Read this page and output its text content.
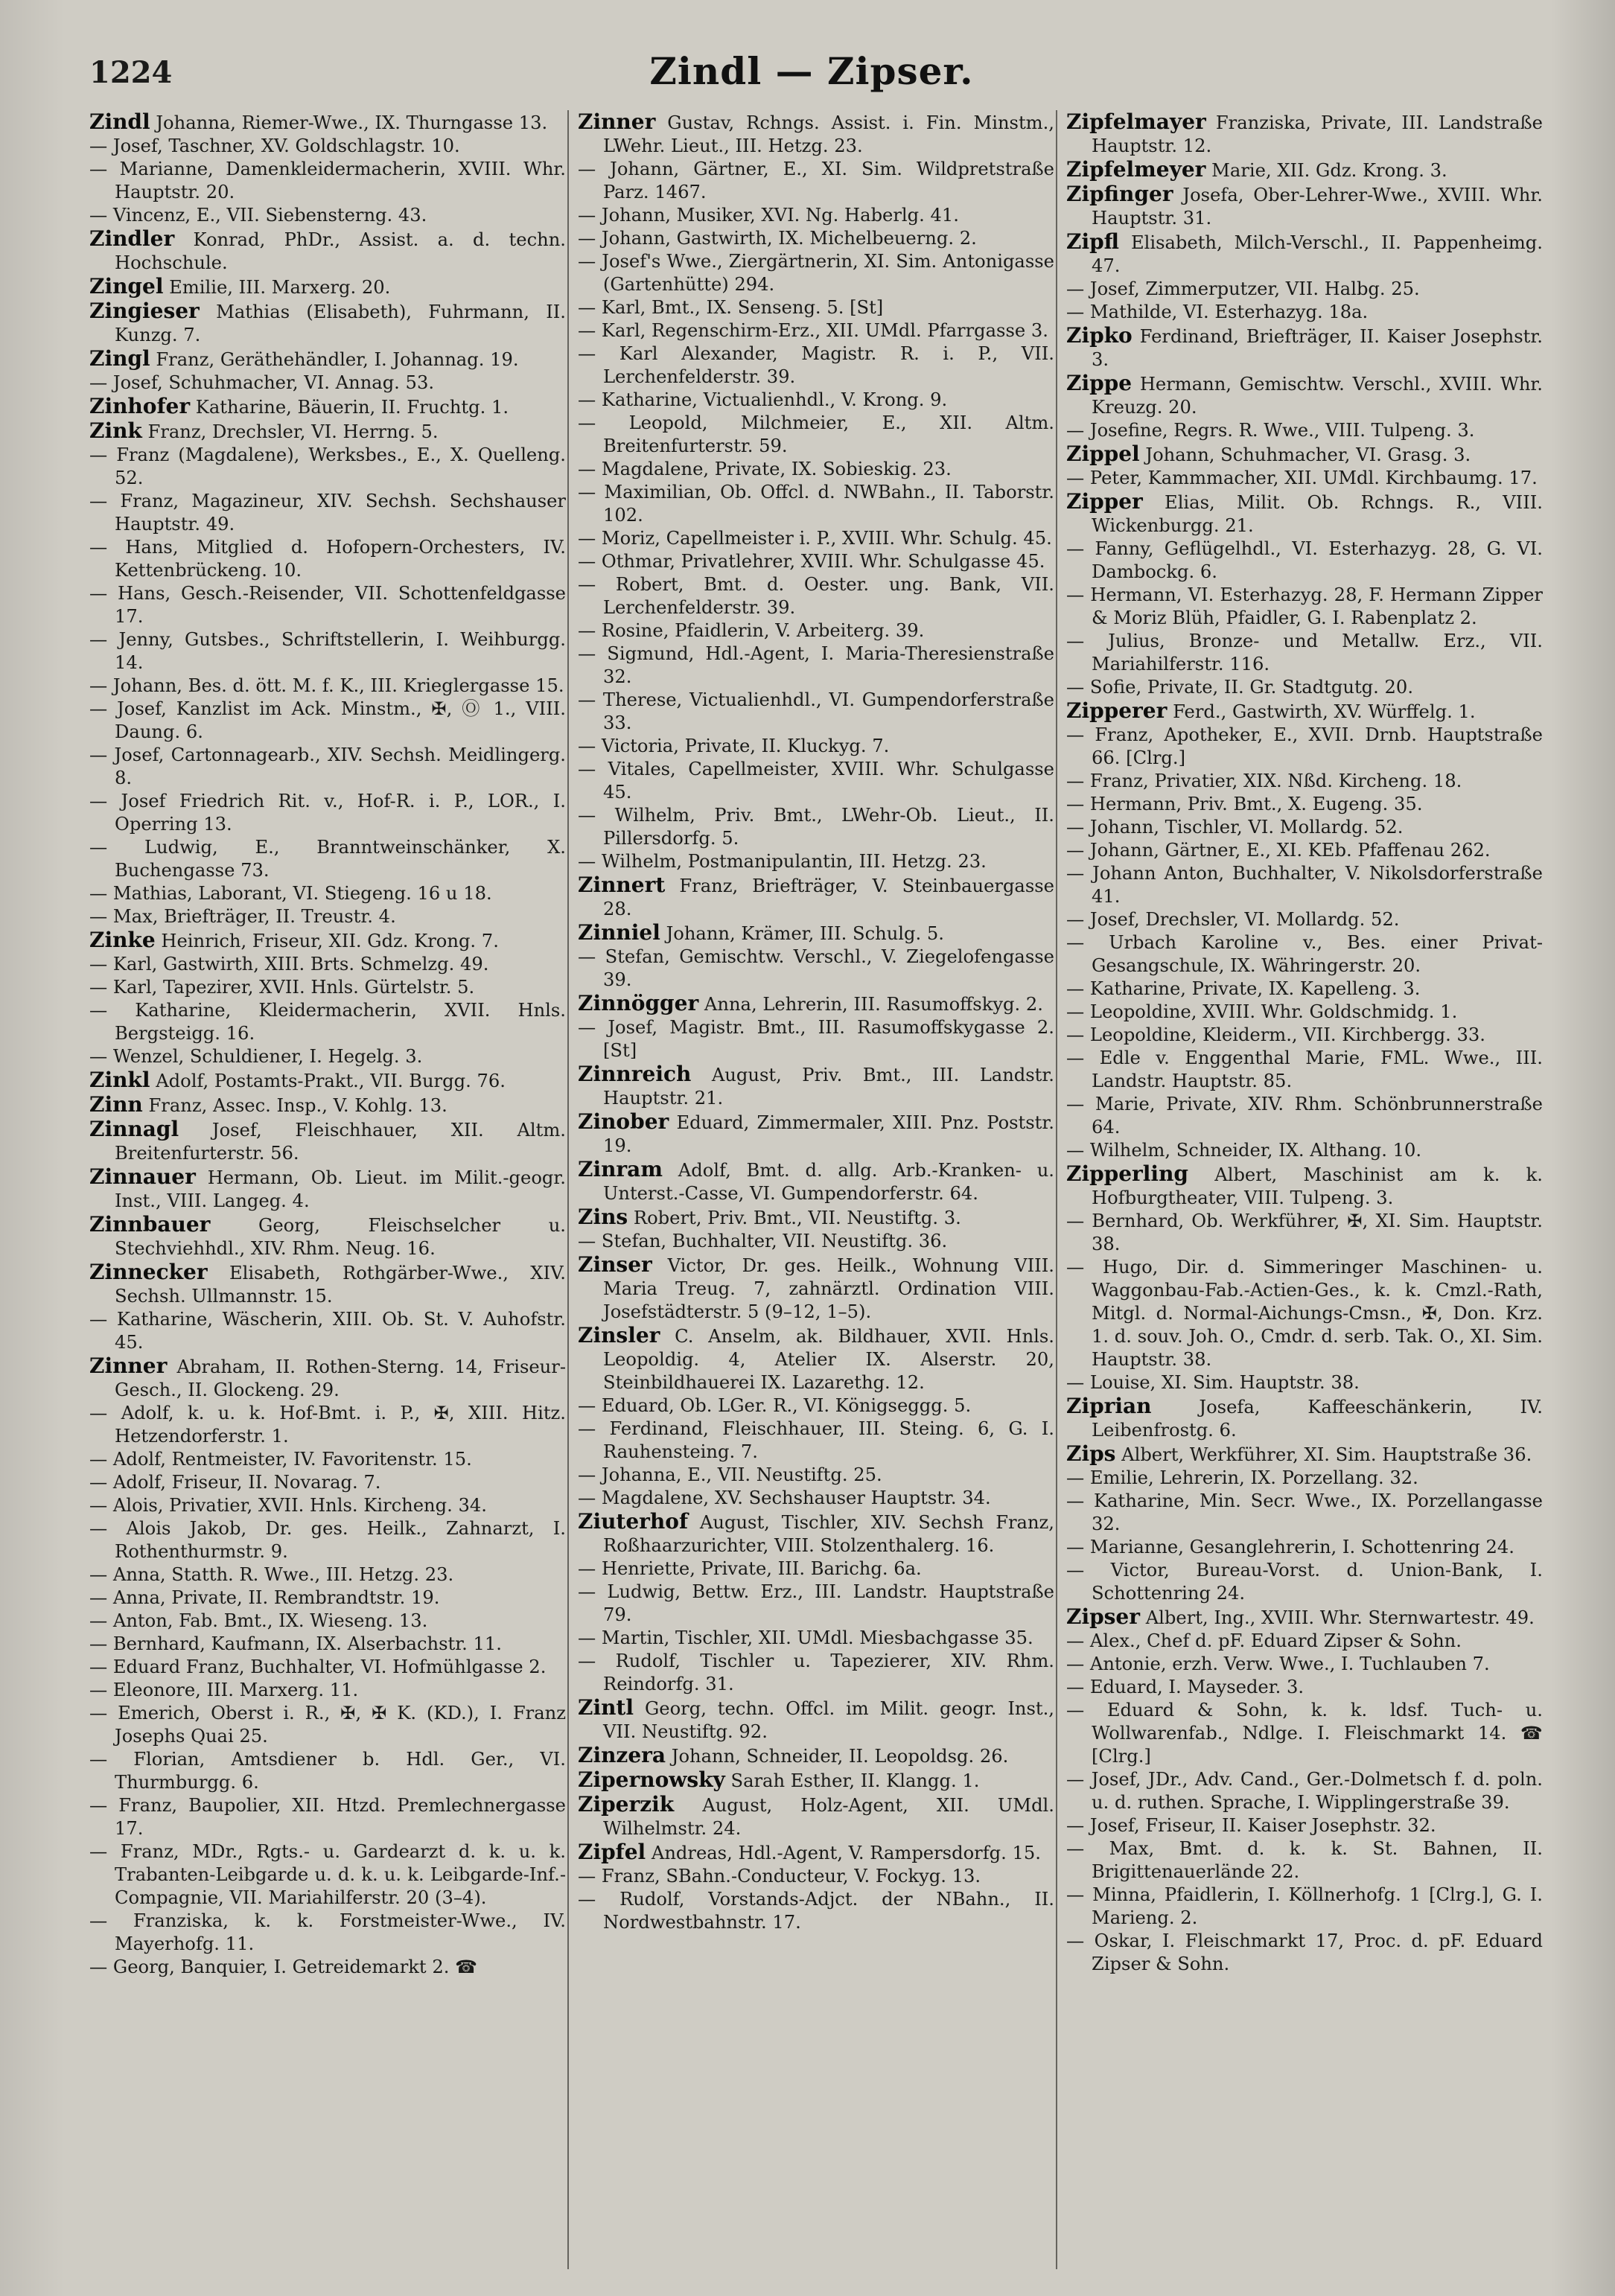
1224	Zindl — Zipser.
Zindl Johanna, Riemer-Wwe., IX. Thurngasse 13.
— Josef, Taschner, XV. Goldschlagstr. 10.
— Marianne, Damenkleidermacherin, XVIII. Whr. Hauptstr. 20.
— Vincenz, E., VII. Siebensterng. 43.
Zindler Konrad, PhDr., Assist. a. d. techn. Hochschule.
Zingel Emilie, III. Marxerg. 20.
Zingieser Mathias (Elisabeth), Fuhrmann, II. Kunzg. 7.
Zingl Franz, Geräthehändler, I. Johannag. 19.
— Josef, Schuhmacher, VI. Annag. 53.
Zinhofer Katharine, Bäuerin, II. Fruchtg. 1.
Zink Franz, Drechsler, VI. Herrng. 5.
— Franz (Magdalene), Werksbes., E., X. Quelleng. 52.
— Franz, Magazineur, XIV. Sechsh. Sechshauser Hauptstr. 49.
— Hans, Mitglied d. Hofopern-Orchesters, IV. Kettenbrückeng. 10.
— Hans, Gesch.-Reisender, VII. Schottenfeldgasse 17.
— Jenny, Gutsbes., Schriftstellerin, I. Weihburgg. 14.
— Johann, Bes. d. ött. M. f. K., III. Krieglergasse 15.
— Josef, Kanzlist im Ack. Minstm., ✠, Ⓞ 1., VIII. Daung. 6.
— Josef, Cartonnagearb., XIV. Sechsh. Meidlingerg. 8.
— Josef Friedrich Rit. v., Hof-R. i. P., LOR., I. Operring 13.
— Ludwig, E., Branntweinschänker, X. Buchengasse 73.
— Mathias, Laborant, VI. Stiegeng. 16 u 18.
— Max, Briefträger, II. Treustr. 4.
Zinke Heinrich, Friseur, XII. Gdz. Krong. 7.
— Karl, Gastwirth, XIII. Brts. Schmelzg. 49.
— Karl, Tapezirer, XVII. Hnls. Gürtelstr. 5.
— Katharine, Kleidermacherin, XVII. Hnls. Bergsteigg. 16.
— Wenzel, Schuldiener, I. Hegelg. 3.
Zinkl Adolf, Postamts-Prakt., VII. Burgg. 76.
Zinn Franz, Assec. Insp., V. Kohlg. 13.
Zinnagl Josef, Fleischhauer, XII. Altm. Breitenfurterstr. 56.
Zinnauer Hermann, Ob. Lieut. im Milit.-geogr. Inst., VIII. Langeg. 4.
Zinnbauer	Georg, Fleischselcher u. Stechviehhdl., XIV. Rhm. Neug. 16.
Zinnecker Elisabeth, Rothgärber-Wwe., XIV. Sechsh. Ullmannstr. 15.
— Katharine, Wäscherin, XIII. Ob. St. V. Auhofstr. 45.
Zinner Abraham, II. Rothen-Sterng. 14, Friseur-Gesch., II. Glockeng. 29.
— Adolf, k. u. k. Hof-Bmt. i. P., ✠, XIII. Hitz. Hetzendorferstr. 1.
— Adolf, Rentmeister, IV. Favoritenstr. 15.
— Adolf, Friseur, II. Novarag. 7.
— Alois, Privatier, XVII. Hnls. Kircheng. 34.
— Alois Jakob, Dr. ges. Heilk., Zahnarzt, I. Rothenthurmstr. 9.
— Anna, Statth. R. Wwe., III. Hetzg. 23.
— Anna, Private, II. Rembrandtstr. 19.
— Anton, Fab. Bmt., IX. Wieseng. 13.
— Bernhard, Kaufmann, IX. Alserbachstr. 11.
— Eduard Franz, Buchhalter, VI. Hofmühlgasse 2.
— Eleonore, III. Marxerg. 11.
— Emerich, Oberst i. R., ✠, ✠ K. (KD.), I. Franz Josephs Quai 25.
— Florian, Amtsdiener b. Hdl. Ger., VI. Thurmburgg. 6.
— Franz, Baupolier, XII. Htzd. Premlechnergasse 17.
— Franz, MDr., Rgts.- u. Gardearzt d. k. u. k. Trabanten-Leibgarde u. d. k. u. k. Leibgarde-Inf.-Compagnie, VII. Mariahilferstr. 20 (3–4).
— Franziska, k. k. Forstmeister-Wwe., IV. Mayerhofg. 11.
— Georg, Banquier, I. Getreidemarkt 2. ☎
Zinner Gustav, Rchngs. Assist. i. Fin. Minstm., LWehr. Lieut., III. Hetzg. 23.
— Johann, Gärtner, E., XI. Sim. Wildpretstraße Parz. 1467.
— Johann, Musiker, XVI. Ng. Haberlg. 41.
— Johann, Gastwirth, IX. Michelbeuerng. 2.
— Josef's Wwe., Ziergärtnerin, XI. Sim. Antonigasse (Gartenhütte) 294.
— Karl, Bmt., IX. Senseng. 5. [St]
— Karl, Regenschirm-Erz., XII. UMdl. Pfarrgasse 3.
— Karl Alexander, Magistr. R. i. P., VII. Lerchenfelderstr. 39.
— Katharine, Victualienhdl., V. Krong. 9.
— Leopold, Milchmeier, E., XII. Altm. Breitenfurterstr. 59.
— Magdalene, Private, IX. Sobieskig. 23.
— Maximilian, Ob. Offcl. d. NWBahn., II. Taborstr. 102.
— Moriz, Capellmeister i. P., XVIII. Whr. Schulg. 45.
— Othmar, Privatlehrer, XVIII. Whr. Schulgasse 45.
— Robert, Bmt. d. Oester. ung. Bank, VII. Lerchenfelderstr. 39.
— Rosine, Pfaidlerin, V. Arbeiterg. 39.
— Sigmund, Hdl.-Agent, I. Maria-Theresienstraße 32.
— Therese, Victualienhdl., VI. Gumpendorferstraße 33.
— Victoria, Private, II. Kluckyg. 7.
— Vitales, Capellmeister, XVIII. Whr. Schulgasse 45.
— Wilhelm, Priv. Bmt., LWehr-Ob. Lieut., II. Pillersdorfg. 5.
— Wilhelm, Postmanipulantin, III. Hetzg. 23.
Zinnert Franz, Briefträger, V. Steinbauergasse 28.
Zinniel Johann, Krämer, III. Schulg. 5.
— Stefan, Gemischtw. Verschl., V. Ziegelofengasse 39.
Zinnögger Anna, Lehrerin, III. Rasumoffskyg. 2.
— Josef, Magistr. Bmt., III. Rasumoffskygasse 2. [St]
Zinnreich August, Priv. Bmt., III. Landstr. Hauptstr. 21.
Zinober Eduard, Zimmermaler, XIII. Pnz. Poststr. 19.
Zinram Adolf, Bmt. d. allg. Arb.-Kranken- u. Unterst.-Casse, VI. Gumpendorferstr. 64.
Zins Robert, Priv. Bmt., VII. Neustiftg. 3.
— Stefan, Buchhalter, VII. Neustiftg. 36.
Zinser Victor, Dr. ges. Heilk., Wohnung VIII. Maria Treug. 7, zahnärztl. Ordination VIII. Josefstädterstr. 5 (9–12, 1–5).
Zinsler C. Anselm, ak. Bildhauer, XVII. Hnls. Leopoldig. 4, Atelier IX. Alserstr. 20, Steinbildhauerei IX. Lazarethg. 12.
— Eduard, Ob. LGer. R., VI. Königseggg. 5.
— Ferdinand, Fleischhauer, III. Steing. 6, G. I. Rauhensteing. 7.
— Johanna, E., VII. Neustiftg. 25.
— Magdalene, XV. Sechshauser Hauptstr. 34.
Ziuterhof August, Tischler, XIV. Sechsh Franz, Roßhaarzurichter, VIII. Stolzenthalerg. 16.
— Henriette, Private, III. Barichg. 6a.
— Ludwig, Bettw. Erz., III. Landstr. Hauptstraße 79.
— Martin, Tischler, XII. UMdl. Miesbachgasse 35.
— Rudolf, Tischler u. Tapezierer, XIV. Rhm. Reindorfg. 31.
Zintl Georg, techn. Offcl. im Milit. geogr. Inst., VII. Neustiftg. 92.
Zinzera Johann, Schneider, II. Leopoldsg. 26.
Zipernowsky Sarah Esther, II. Klangg. 1.
Ziperzik August, Holz-Agent, XII. UMdl. Wilhelmstr. 24.
Zipfel Andreas, Hdl.-Agent, V. Rampersdorfg. 15.
— Franz, SBahn.-Conducteur, V. Fockyg. 13.
— Rudolf, Vorstands-Adjct. der NBahn., II. Nordwestbahnstr. 17.
Zipfelmayer Franziska, Private, III. Landstraße Hauptstr. 12.
Zipfelmeyer Marie, XII. Gdz. Krong. 3.
Zipfinger Josefa, Ober-Lehrer-Wwe., XVIII. Whr. Hauptstr. 31.
Zipfl Elisabeth, Milch-Verschl., II. Pappenheimg. 47.
— Josef, Zimmerputzer, VII. Halbg. 25.
— Mathilde, VI. Esterhazyg. 18a.
Zipko Ferdinand, Briefträger, II. Kaiser Josephstr. 3.
Zippe Hermann, Gemischtw. Verschl., XVIII. Whr. Kreuzg. 20.
— Josefine, Regrs. R. Wwe., VIII. Tulpeng. 3.
Zippel Johann, Schuhmacher, VI. Grasg. 3.
— Peter, Kammmacher, XII. UMdl. Kirchbaumg. 17.
Zipper Elias, Milit. Ob. Rchngs. R., VIII. Wickenburgg. 21.
— Fanny, Geflügelhdl., VI. Esterhazyg. 28, G. VI. Dambockg. 6.
— Hermann, VI. Esterhazyg. 28, F. Hermann Zipper & Moriz Blüh, Pfaidler, G. I. Rabenplatz 2.
— Julius, Bronze- und Metallw. Erz., VII. Mariahilferstr. 116.
— Sofie, Private, II. Gr. Stadtgutg. 20.
Zipperer Ferd., Gastwirth, XV. Würffelg. 1.
— Franz, Apotheker, E., XVII. Drnb. Hauptstraße 66. [Clrg.]
— Franz, Privatier, XIX. Nßd. Kircheng. 18.
— Hermann, Priv. Bmt., X. Eugeng. 35.
— Johann, Tischler, VI. Mollardg. 52.
— Johann, Gärtner, E., XI. KEb. Pfaffenau 262.
— Johann Anton, Buchhalter, V. Nikolsdorferstraße 41.
— Josef, Drechsler, VI. Mollardg. 52.
— Urbach Karoline v., Bes. einer Privat-Gesangschule, IX. Währingerstr. 20.
— Katharine, Private, IX. Kapelleng. 3.
— Leopoldine, XVIII. Whr. Goldschmidg. 1.
— Leopoldine, Kleiderm., VII. Kirchbergg. 33.
— Edle v. Enggenthal Marie, FML. Wwe., III. Landstr. Hauptstr. 85.
— Marie, Private, XIV. Rhm. Schönbrunnerstraße 64.
— Wilhelm, Schneider, IX. Althang. 10.
Zipperling Albert, Maschinist am k. k. Hofburgtheater, VIII. Tulpeng. 3.
— Bernhard, Ob. Werkführer, ✠, XI. Sim. Hauptstr. 38.
— Hugo, Dir. d. Simmeringer Maschinen- u. Waggonbau-Fab.-Actien-Ges., k. k. Cmzl.-Rath, Mitgl. d. Normal-Aichungs-Cmsn., ✠, Don. Krz. 1. d. souv. Joh. O., Cmdr. d. serb. Tak. O., XI. Sim. Hauptstr. 38.
— Louise, XI. Sim. Hauptstr. 38.
Ziprian	Josefa, Kaffeeschänkerin, IV. Leibenfrostg. 6.
Zips Albert, Werkführer, XI. Sim. Hauptstraße 36.
— Emilie, Lehrerin, IX. Porzellang. 32.
— Katharine, Min. Secr. Wwe., IX. Porzellangasse 32.
— Marianne, Gesanglehrerin, I. Schottenring 24.
— Victor, Bureau-Vorst. d. Union-Bank, I. Schottenring 24.
Zipser Albert, Ing., XVIII. Whr. Sternwartestr. 49.
— Alex., Chef d. pF. Eduard Zipser & Sohn.
— Antonie, erzh. Verw. Wwe., I. Tuchlauben 7.
— Eduard, I. Mayseder. 3.
— Eduard & Sohn, k. k. ldsf. Tuch- u. Wollwarenfab., Ndlge. I. Fleischmarkt 14. ☎ [Clrg.]
— Josef, JDr., Adv. Cand., Ger.-Dolmetsch f. d. poln. u. d. ruthen. Sprache, I. Wipplingerstraße 39.
— Josef, Friseur, II. Kaiser Josephstr. 32.
— Max, Bmt. d. k. k. St. Bahnen, II. Brigittenauerlände 22.
— Minna, Pfaidlerin, I. Köllnerhofg. 1 [Clrg.], G. I. Marieng. 2.
— Oskar, I. Fleischmarkt 17, Proc. d. pF. Eduard Zipser & Sohn.
